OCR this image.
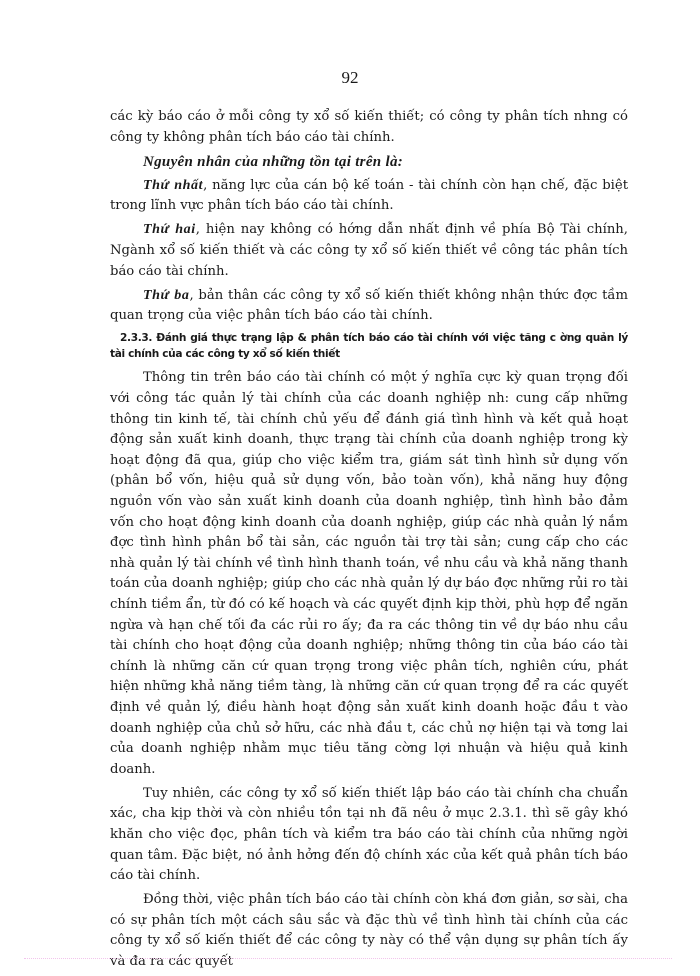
92

các kỳ báo cáo ở mỗi công ty xổ số kiến thiết; có công ty phân tích nhng có công ty không phân tích báo cáo tài chính.

Nguyên nhân của những tồn tại trên là:

Thứ nhất, năng lực của cán bộ kế toán - tài chính còn hạn chế, đặc biệt trong lĩnh vực phân tích báo cáo tài chính.

Thứ hai, hiện nay không có hớng dẫn nhất định về phía Bộ Tài chính, Ngành xổ số kiến thiết và các công ty xổ số kiến thiết về công tác phân tích báo cáo tài chính.

Thứ ba, bản thân các công ty xổ số kiến thiết không nhận thức đợc tầm quan trọng của việc phân tích báo cáo tài chính.

2.3.3. Đánh giá thực trạng lập & phân tích báo cáo tài chính với việc tăng c ờng quản lý tài chính của các công ty xổ số kiến thiết

Thông tin trên báo cáo tài chính có một ý nghĩa cực kỳ quan trọng đối với công tác quản lý tài chính của các doanh nghiệp nh: cung cấp những thông tin kinh tế, tài chính chủ yếu để đánh giá tình hình và kết quả hoạt động sản xuất kinh doanh, thực trạng tài chính của doanh nghiệp trong kỳ hoạt động đã qua, giúp cho việc kiểm tra, giám sát tình hình sử dụng vốn (phân bổ vốn, hiệu quả sử dụng vốn, bảo toàn vốn), khả năng huy động nguồn vốn vào sản xuất kinh doanh của doanh nghiệp, tình hình bảo đảm vốn cho hoạt động kinh doanh của doanh nghiệp, giúp các nhà quản lý nắm đợc tình hình phân bổ tài sản, các nguồn tài trợ tài sản; cung cấp cho các nhà quản lý tài chính về tình hình thanh toán, về nhu cầu và khả năng thanh toán của doanh nghiệp; giúp cho các nhà quản lý dự báo đợc những rủi ro tài chính tiềm ẩn, từ đó có kế hoạch và các quyết định kịp thời, phù hợp để ngăn ngừa và hạn chế tối đa các rủi ro ấy; đa ra các thông tin về dự báo nhu cầu tài chính cho hoạt động của doanh nghiệp; những thông tin của báo cáo tài chính là những căn cứ quan trọng trong việc phân tích, nghiên cứu, phát hiện những khả năng tiềm tàng, là những căn cứ quan trọng để ra các quyết định về quản lý, điều hành hoạt động sản xuất kinh doanh hoặc đầu t vào doanh nghiệp của chủ sở hữu, các nhà đầu t, các chủ nợ hiện tại và tơng lai của doanh nghiệp nhằm mục tiêu tăng cờng lợi nhuận và hiệu quả kinh doanh.

Tuy nhiên, các công ty xổ số kiến thiết lập báo cáo tài chính cha chuẩn xác, cha kịp thời và còn nhiều tồn tại nh đã nêu ở mục 2.3.1. thì sẽ gây khó khăn cho việc đọc, phân tích và kiểm tra báo cáo tài chính của những ngời quan tâm. Đặc biệt, nó ảnh hởng đến độ chính xác của kết quả phân tích báo cáo tài chính.

Đồng thời, việc phân tích báo cáo tài chính còn khá đơn giản, sơ sài, cha có sự phân tích một cách sâu sắc và đặc thù về tình hình tài chính của các công ty xổ số kiến thiết để các công ty này có thể vận dụng sự phân tích ấy và đa ra các quyết
